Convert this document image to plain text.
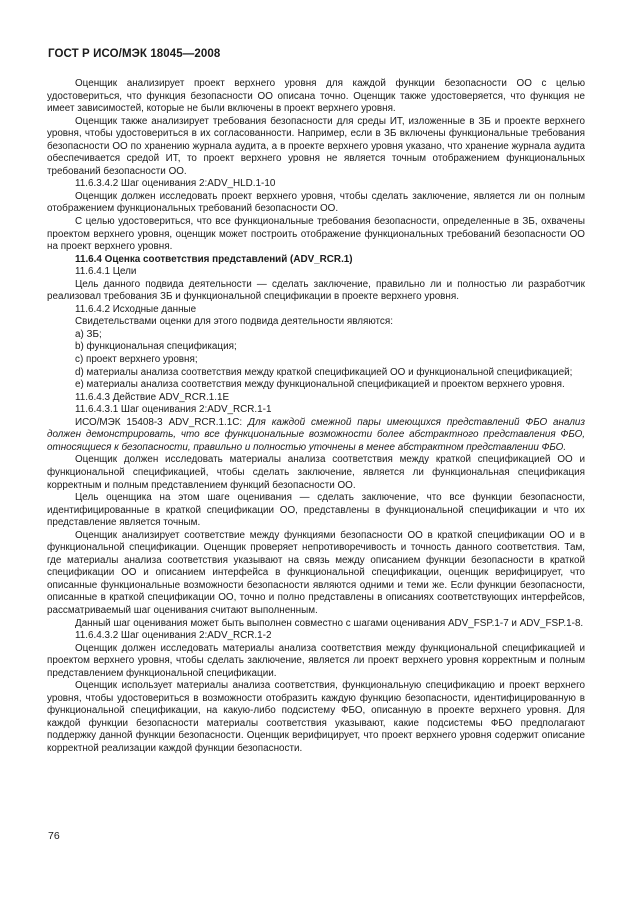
ГОСТ Р ИСО/МЭК 18045—2008

Оценщик анализирует проект верхнего уровня для каждой функции безопасности ОО с целью удостовериться, что функция безопасности ОО описана точно. Оценщик также удостоверяется, что функция не имеет зависимостей, которые не были включены в проект верхнего уровня.

Оценщик также анализирует требования безопасности для среды ИТ, изложенные в ЗБ и проекте верхнего уровня, чтобы удостовериться в их согласованности. Например, если в ЗБ включены функциональные требования безопасности ОО по хранению журнала аудита, а в проекте верхнего уровня указано, что хранение журнала аудита обеспечивается средой ИТ, то проект верхнего уровня не является точным отображением функциональных требований безопасности ОО.

11.6.3.4.2 Шаг оценивания 2:ADV_HLD.1-10

Оценщик должен исследовать проект верхнего уровня, чтобы сделать заключение, является ли он полным отображением функциональных требований безопасности ОО.

С целью удостовериться, что все функциональные требования безопасности, определенные в ЗБ, охвачены проектом верхнего уровня, оценщик может построить отображение функциональных требований безопасности ОО на проект верхнего уровня.

11.6.4 Оценка соответствия представлений (ADV_RCR.1)

11.6.4.1 Цели

Цель данного подвида деятельности — сделать заключение, правильно ли и полностью ли разработчик реализовал требования ЗБ и функциональной спецификации в проекте верхнего уровня.

11.6.4.2 Исходные данные

Свидетельствами оценки для этого подвида деятельности являются:

a) ЗБ;

b) функциональная спецификация;

c) проект верхнего уровня;

d) материалы анализа соответствия между краткой спецификацией ОО и функциональной спецификацией;

e) материалы анализа соответствия между функциональной спецификацией и проектом верхнего уровня.

11.6.4.3 Действие ADV_RCR.1.1E

11.6.4.3.1 Шаг оценивания 2:ADV_RCR.1-1

ИСО/МЭК 15408-3 ADV_RCR.1.1C: Для каждой смежной пары имеющихся представлений ФБО анализ должен демонстрировать, что все функциональные возможности более абстрактного представления ФБО, относящиеся к безопасности, правильно и полностью уточнены в менее абстрактном представлении ФБО.

Оценщик должен исследовать материалы анализа соответствия между краткой спецификацией ОО и функциональной спецификацией, чтобы сделать заключение, является ли функциональная спецификация корректным и полным представлением функций безопасности ОО.

Цель оценщика на этом шаге оценивания — сделать заключение, что все функции безопасности, идентифицированные в краткой спецификации ОО, представлены в функциональной спецификации и что их представление является точным.

Оценщик анализирует соответствие между функциями безопасности ОО в краткой спецификации ОО и в функциональной спецификации. Оценщик проверяет непротиворечивость и точность данного соответствия. Там, где материалы анализа соответствия указывают на связь между описанием функции безопасности в краткой спецификации ОО и описанием интерфейса в функциональной спецификации, оценщик верифицирует, что описанные функциональные возможности безопасности являются одними и теми же. Если функции безопасности, описанные в краткой спецификации ОО, точно и полно представлены в описаниях соответствующих интерфейсов, рассматриваемый шаг оценивания считают выполненным.

Данный шаг оценивания может быть выполнен совместно с шагами оценивания ADV_FSP.1-7 и ADV_FSP.1-8.

11.6.4.3.2 Шаг оценивания 2:ADV_RCR.1-2

Оценщик должен исследовать материалы анализа соответствия между функциональной спецификацией и проектом верхнего уровня, чтобы сделать заключение, является ли проект верхнего уровня корректным и полным представлением функциональной спецификации.

Оценщик использует материалы анализа соответствия, функциональную спецификацию и проект верхнего уровня, чтобы удостовериться в возможности отобразить каждую функцию безопасности, идентифицированную в функциональной спецификации, на какую-либо подсистему ФБО, описанную в проекте верхнего уровня. Для каждой функции безопасности материалы соответствия указывают, какие подсистемы ФБО предполагают поддержку данной функции безопасности. Оценщик верифицирует, что проект верхнего уровня содержит описание корректной реализации каждой функции безопасности.

76
